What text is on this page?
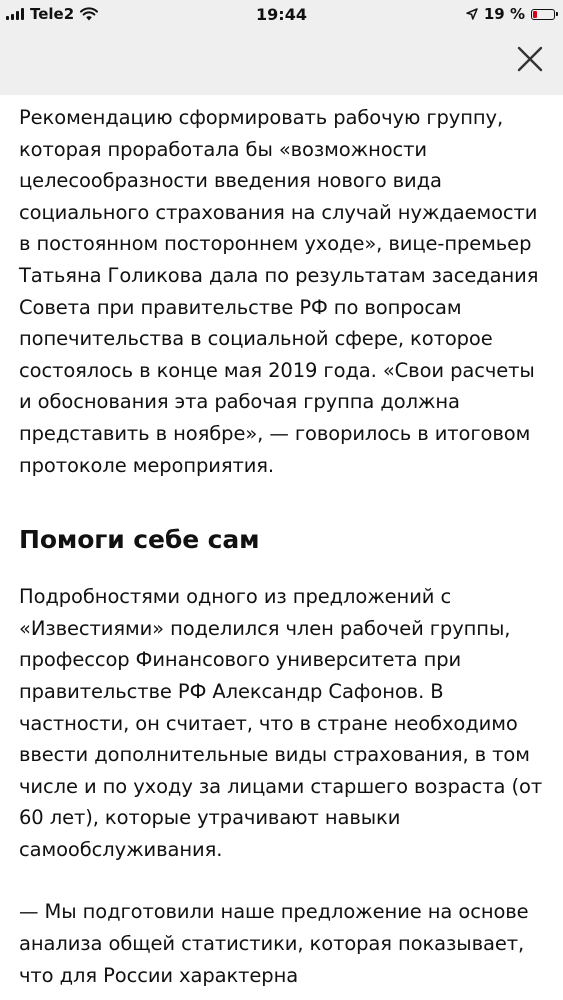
Tele2	19:44	19 %

Рекомендацию сформировать рабочую группу, которая проработала бы «возможности целесообразности введения нового вида социального страхования на случай нуждаемости в постоянном постороннем уходе», вице-премьер Татьяна Голикова дала по результатам заседания Совета при правительстве РФ по вопросам попечительства в социальной сфере, которое состоялось в конце мая 2019 года. «Свои расчеты и обоснования эта рабочая группа должна представить в ноябре», — говорилось в итоговом протоколе мероприятия.

Помоги себе сам

Подробностями одного из предложений с «Известиями» поделился член рабочей группы, профессор Финансового университета при правительстве РФ Александр Сафонов. В частности, он считает, что в стране необходимо ввести дополнительные виды страхования, в том числе и по уходу за лицами старшего возраста (от 60 лет), которые утрачивают навыки самообслуживания.

— Мы подготовили наше предложение на основе анализа общей статистики, которая показывает, что для России характерна
